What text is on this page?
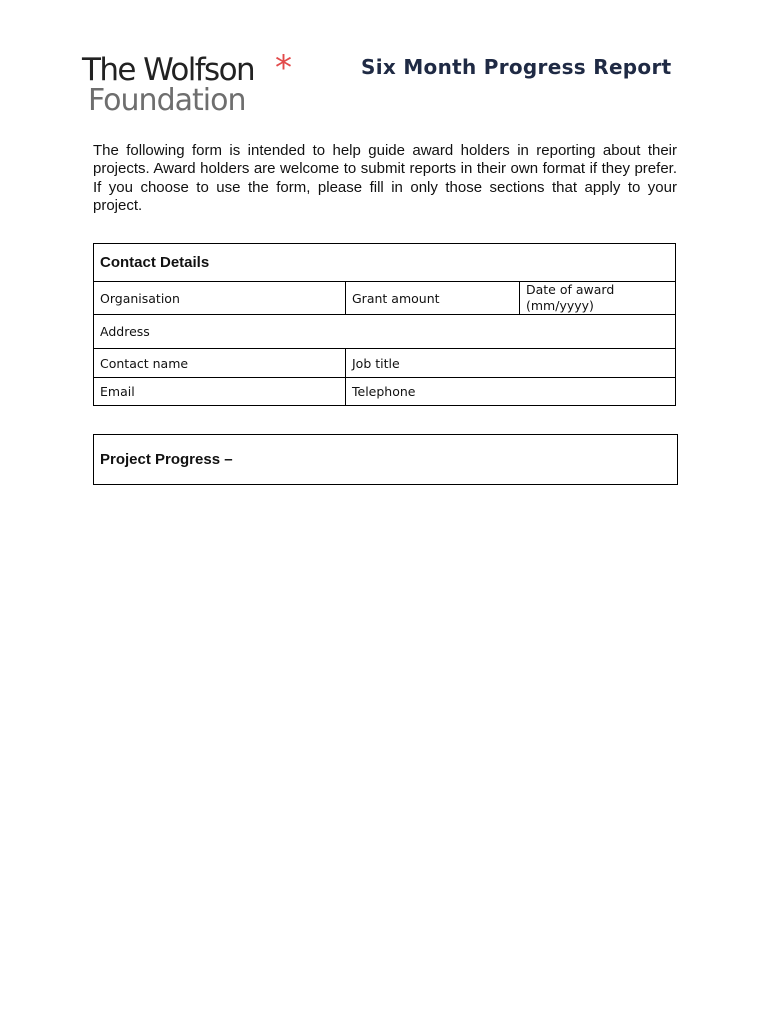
The Wolfson *
Foundation
Six Month Progress Report

The following form is intended to help guide award holders in reporting about their projects. Award holders are welcome to submit reports in their own format if they prefer. If you choose to use the form, please fill in only those sections that apply to your project.

Contact Details		
Organisation	Grant amount	Date of award
(mm/yyyy)

Address		
Contact name	Job title	
Email	Telephone	
Project Progress –
